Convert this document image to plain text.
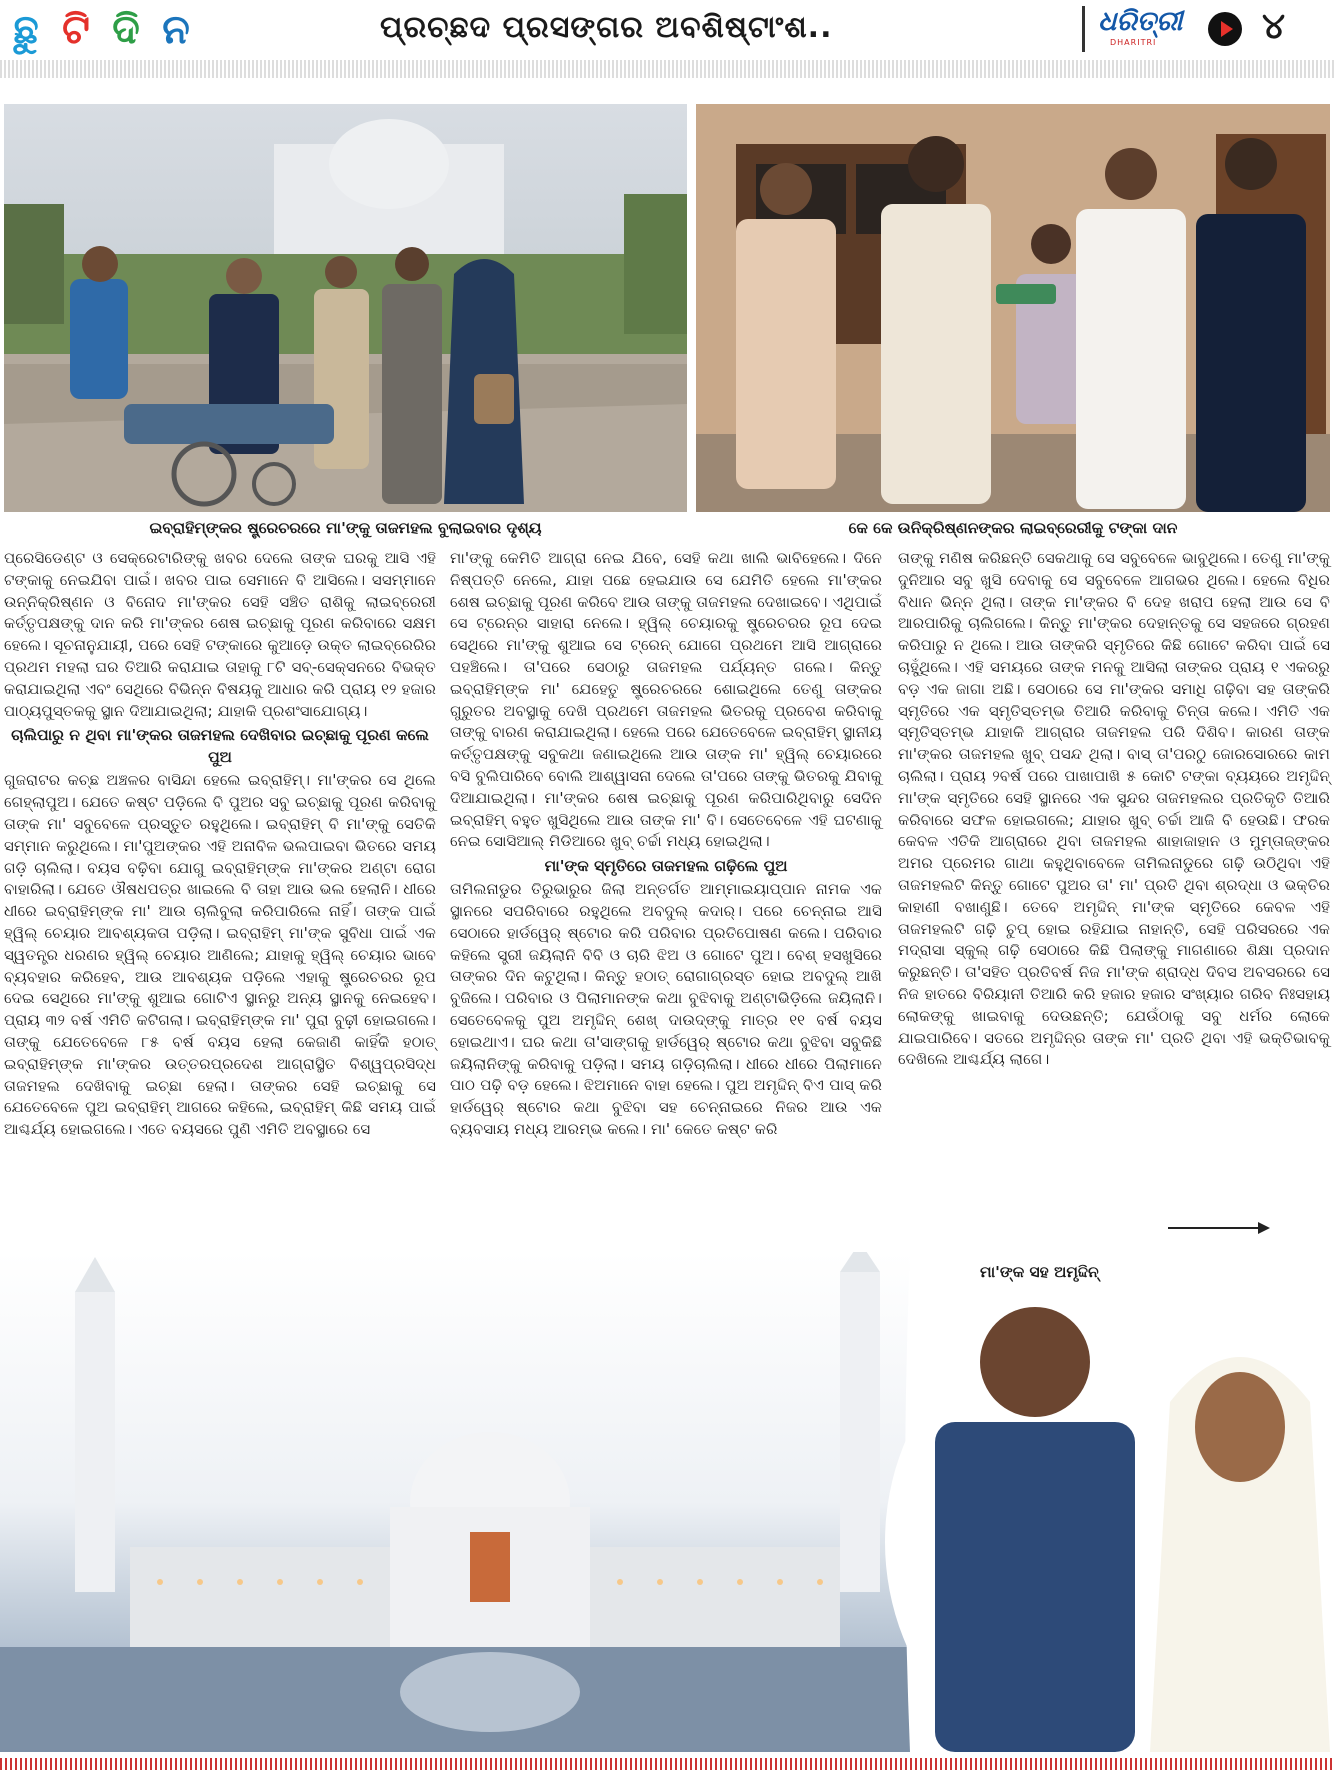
ଛୁ ଟି ଦି ନ	ପ୍ରଚ୍ଛଦ ପ୍ରସଙ୍ଗର ଅବଶିଷ୍ଟାଂଶ..	ଧରିତ୍ରୀ
DHARITRI	୪
ଇବ୍ରାହିମ୍‌ଙ୍କର ଷ୍ଟ୍ରେଚରରେ ମା'ଙ୍କୁ ତାଜମହଲ ବୁଲାଇବାର ଦୃଶ୍ୟ	କେ କେ ଉନିକ୍ରିଷ୍ଣନଙ୍କର ଲାଇବ୍ରେରୀକୁ ଟଙ୍କା ଦାନ

ପ୍ରେସିଡେଣ୍ଟ ଓ ସେକ୍ରେଟାରିଙ୍କୁ ଖବର ଦେଲେ ତାଙ୍କ ଘରକୁ ଆସି ଏହି ଟଙ୍କାକୁ ନେଇଯିବା ପାଇଁ। ଖବର ପାଇ ସେମାନେ ବି ଆସିଲେ। ସସମ୍ମାନେ ଉନ୍ନିକ୍ରିଷ୍ଣନ ଓ ବିନୋଦ ମା'ଙ୍କର ସେହି ସଞ୍ଚିତ ରାଶିକୁ ଲାଇବ୍ରେରୀ କର୍ତ୍ତୃପକ୍ଷଙ୍କୁ ଦାନ କରି ମା'ଙ୍କର ଶେଷ ଇଚ୍ଛାକୁ ପୂରଣ କରିବାରେ ସକ୍ଷମ ହେଲେ। ସୂଚନାନୁଯାୟୀ, ପରେ ସେହି ଟଙ୍କାରେ କୁଆଡ଼େ ଉକ୍ତ ଲାଇବ୍ରେରିର ପ୍ରଥମ ମହଲା ଘର ତିଆରି କରାଯାଇ ତାହାକୁ ୮ଟି ସବ୍‌-ସେକ୍ସନରେ ବିଭକ୍ତ କରାଯାଇଥିଲା ଏବଂ ସେଥିରେ ବିଭିନ୍ନ ବିଷୟକୁ ଆଧାର କରି ପ୍ରାୟ ୧୨ ହଜାର ପାଠ୍ୟପୁସ୍ତକକୁ ସ୍ଥାନ ଦିଆଯାଇଥିଲା; ଯାହାକି ପ୍ରଶଂସାଯୋଗ୍ୟ।

ଚାଲିପାରୁ ନ ଥିବା ମା'ଙ୍କର ତାଜମହଲ ଦେଖିବାର ଇଚ୍ଛାକୁ ପୂରଣ କଲେ ପୁଅ

ଗୁଜରାଟର କଚ୍ଛ ଅଞ୍ଚଳର ବାସିନ୍ଦା ହେଲେ ଇବ୍ରାହିମ୍‌। ମା'ଙ୍କର ସେ ଥିଲେ ଗେହ୍ଲାପୁଅ। ଯେତେ କଷ୍ଟ ପଡ଼ିଲେ ବି ପୁଅର ସବୁ ଇଚ୍ଛାକୁ ପୂରଣ କରିବାକୁ ତାଙ୍କ ମା' ସବୁବେଳେ ପ୍ରସ୍ତୁତ ରହୁଥିଲେ। ଇବ୍ରାହିମ୍‌ ବି ମା'ଙ୍କୁ ସେତିକି ସମ୍ମାନ କରୁଥିଲେ। ମା'ପୁଅଙ୍କର ଏହି ଅନାବିଳ ଭଲପାଇବା ଭିତରେ ସମୟ ଗଡ଼ି ଚାଲିଲା। ବୟସ ବଢ଼ିବା ଯୋଗୁ ଇବ୍ରାହିମ୍‌ଙ୍କ ମା'ଙ୍କର ଅଣ୍ଟା ରୋଗ ବାହାରିଲା। ଯେତେ ଔଷଧପତ୍ର ଖାଇଲେ ବି ତାହା ଆଉ ଭଲ ହେଲାନି। ଧୀରେ ଧୀରେ ଇବ୍ରାହିମ୍‌ଙ୍କ ମା' ଆଉ ଚାଲିବୁଲା କରିପାରିଲେ ନାହିଁ। ତାଙ୍କ ପାଇଁ ହ୍ୱିଲ୍‌ ଚେୟାର ଆବଶ୍ୟକତା ପଡ଼ିଲା। ଇବ୍ରାହିମ୍‌ ମା'ଙ୍କ ସୁବିଧା ପାଇଁ ଏକ ସ୍ୱତନ୍ତ୍ର ଧରଣର ହ୍ୱିଲ୍‌ ଚେୟାର ଆଣିଲେ; ଯାହାକୁ ହ୍ୱିଲ୍‌ ଚେୟାର ଭାବେ ବ୍ୟବହାର କରିହେବ, ଆଉ ଆବଶ୍ୟକ ପଡ଼ିଲେ ଏହାକୁ ଷ୍ଟ୍ରେଚରର ରୂପ ଦେଇ ସେଥିରେ ମା'ଙ୍କୁ ଶୁଆଇ ଗୋଟିଏ ସ୍ଥାନରୁ ଅନ୍ୟ ସ୍ଥାନକୁ ନେଇହେବ। ପ୍ରାୟ ୩୨ ବର୍ଷ ଏମିତି କଟିଗଲା। ଇବ୍ରାହିମ୍‌ଙ୍କ ମା' ପୁରା ବୁଢ଼ୀ ହୋଇଗଲେ। ତାଙ୍କୁ ଯେତେବେଳେ ୮୫ ବର୍ଷ ବୟସ ହେଲା କେଜାଣି କାହିଁକି ହଠାତ୍‌ ଇବ୍ରାହିମ୍‌ଙ୍କ ମା'ଙ୍କର ଉତ୍ତରପ୍ରଦେଶ ଆଗ୍ରାସ୍ଥିତ ବିଶ୍ୱପ୍ରସିଦ୍ଧ ତାଜମହଲ ଦେଖିବାକୁ ଇଚ୍ଛା ହେଲା। ତାଙ୍କର ସେହି ଇଚ୍ଛାକୁ ସେ ଯେତେବେଳେ ପୁଅ ଇବ୍ରାହିମ୍‌ ଆଗରେ କହିଲେ, ଇବ୍ରାହିମ୍‌ କିଛି ସମୟ ପାଇଁ ଆଶ୍ଚର୍ଯ୍ୟ ହୋଇଗଲେ। ଏତେ ବୟସରେ ପୁଣି ଏମିତି ଅବସ୍ଥାରେ ସେ

ମା'ଙ୍କୁ କେମିତି ଆଗ୍ରା ନେଇ ଯିବେ, ସେହି କଥା ଖାଲି ଭାବିହେଲେ। ଦିନେ ନିଷ୍ପତ୍ତି ନେଲେ, ଯାହା ପଛେ ହେଇଯାଉ ସେ ଯେମିତି ହେଲେ ମା'ଙ୍କର ଶେଷ ଇଚ୍ଛାକୁ ପୂରଣ କରିବେ ଆଉ ତାଙ୍କୁ ତାଜମହଲ ଦେଖାଇବେ। ଏଥିପାଇଁ ସେ ଟ୍ରେନ୍‌ର ସାହାରା ନେଲେ। ହ୍ୱିଲ୍‌ ଚେୟାରକୁ ଷ୍ଟ୍ରେଚରର ରୂପ ଦେଇ ସେଥିରେ ମା'ଙ୍କୁ ଶୁଆଇ ସେ ଟ୍ରେନ୍‌ ଯୋଗେ ପ୍ରଥମେ ଆସି ଆଗ୍ରାରେ ପହଞ୍ଚିଲେ। ତା'ପରେ ସେଠାରୁ ତାଜମହଲ ପର୍ଯ୍ୟନ୍ତ ଗଲେ। କିନ୍ତୁ ଇବ୍ରାହିମ୍‌ଙ୍କ ମା' ଯେହେତୁ ଷ୍ଟ୍ରେଚରରେ ଶୋଇଥିଲେ ତେଣୁ ତାଙ୍କର ଗୁରୁତର ଅବସ୍ଥାକୁ ଦେଖି ପ୍ରଥମେ ତାଜମହଲ ଭିତରକୁ ପ୍ରବେଶ କରିବାକୁ ତାଙ୍କୁ ବାରଣ କରାଯାଇଥିଲା। ହେଲେ ପରେ ଯେତେବେଳେ ଇବ୍ରାହିମ୍‌ ସ୍ଥାନୀୟ କର୍ତ୍ତୃପକ୍ଷଙ୍କୁ ସବୁକଥା ଜଣାଇଥିଲେ ଆଉ ତାଙ୍କ ମା' ହ୍ୱିଲ୍‌ ଚେୟାରରେ ବସି ବୁଲିପାରିବେ ବୋଲି ଆଶ୍ୱାସନା ଦେଲେ ତା'ପରେ ତାଙ୍କୁ ଭିତରକୁ ଯିବାକୁ ଦିଆଯାଇଥିଲା। ମା'ଙ୍କର ଶେଷ ଇଚ୍ଛାକୁ ପୂରଣ କରିପାରିଥିବାରୁ ସେଦିନ ଇବ୍ରାହିମ୍‌ ବହୁତ ଖୁସିଥିଲେ ଆଉ ତାଙ୍କ ମା' ବି। ସେତେବେଳେ ଏହି ଘଟଣାକୁ ନେଇ ସୋସିଆଲ୍‌ ମିଡିଆରେ ଖୁବ୍‌ ଚର୍ଚ୍ଚା ମଧ୍ୟ ହୋଇଥିଲା।

ମା'ଙ୍କ ସ୍ମୃତିରେ ତାଜମହଲ ଗଢ଼ିଲେ ପୁଅ

ତାମିଲନାଡୁର ତିରୁଭାରୁର ଜିଲା ଅନ୍ତର୍ଗତ ଆମ୍ମାଇୟାପ୍ପାନ ନାମକ ଏକ ସ୍ଥାନରେ ସପରିବାରେ ରହୁଥିଲେ ଅବଦୁଲ୍‌ କଦାର୍‌। ପରେ ଚେନ୍ନାଇ ଆସି ସେଠାରେ ହାର୍ଡୱେର୍‌ ଷ୍ଟୋର କରି ପରିବାର ପ୍ରତିପୋଷଣ କଲେ। ପରିବାର କହିଲେ ସ୍ତ୍ରୀ ଜୟିଲାନି ବିବି ଓ ଚାରି ଝିଅ ଓ ଗୋଟେ ପୁଅ। ବେଶ୍‌ ହସଖୁସିରେ ତାଙ୍କର ଦିନ କଟୁଥିଲା। କିନ୍ତୁ ହଠାତ୍‌ ରୋଗାଗ୍ରସ୍ତ ହୋଇ ଅବଦୁଲ୍‌ ଆଖି ବୁଜିଲେ। ପରିବାର ଓ ପିଲାମାନଙ୍କ କଥା ବୁଝିବାକୁ ଅଣ୍ଟାଭିଡ଼ିଲେ ଜୟିଲାନି। ସେତେବେଳକୁ ପୁଅ ଅମୃଦ୍ଦିନ୍‌ ଶେଖ୍‌ ଦାଉଦ୍‌ଙ୍କୁ ମାତ୍ର ୧୧ ବର୍ଷ ବୟସ ହୋଇଥାଏ। ଘର କଥା ତା'ସାଙ୍ଗକୁ ହାର୍ଡୱେର୍‌ ଷ୍ଟୋର କଥା ବୁଝିବା ସବୁକିଛି ଜୟିଲାନିଙ୍କୁ କରିବାକୁ ପଡ଼ିଲା। ସମୟ ଗଡ଼ିଚାଲିଲା। ଧୀରେ ଧୀରେ ପିଲାମାନେ ପାଠ ପଢ଼ି ବଡ଼ ହେଲେ। ଝିଅମାନେ ବାହା ହେଲେ। ପୁଅ ଅମୃଦ୍ଦିନ୍‌ ବିଏ ପାସ୍‌ କରି ହାର୍ଡୱେର୍‌ ଷ୍ଟୋର କଥା ବୁଝିବା ସହ ଚେନ୍ନାଇରେ ନିଜର ଆଉ ଏକ ବ୍ୟବସାୟ ମଧ୍ୟ ଆରମ୍ଭ କଲେ। ମା' କେତେ କଷ୍ଟ କରି

ତାଙ୍କୁ ମଣିଷ କରିଛନ୍ତି ସେକଥାକୁ ସେ ସବୁବେଳେ ଭାବୁଥିଲେ। ତେଣୁ ମା'ଙ୍କୁ ଦୁନିଆର ସବୁ ଖୁସି ଦେବାକୁ ସେ ସବୁବେଳେ ଆଗଭର ଥିଲେ। ହେଲେ ବିଧିର ବିଧାନ ଭିନ୍ନ ଥିଲା। ତାଙ୍କ ମା'ଙ୍କର ବି ଦେହ ଖରାପ ହେଲା ଆଉ ସେ ବି ଆରପାରିକୁ ଚାଲିଗଲେ। କିନ୍ତୁ ମା'ଙ୍କର ଦେହାନ୍ତକୁ ସେ ସହଜରେ ଗ୍ରହଣ କରିପାରୁ ନ ଥିଲେ। ଆଉ ତାଙ୍କରି ସ୍ମୃତିରେ କିଛି ଗୋଟେ କରିବା ପାଇଁ ସେ ଚାହୁଁଥିଲେ। ଏହି ସମୟରେ ତାଙ୍କ ମନକୁ ଆସିଲା ତାଙ୍କର ପ୍ରାୟ ୧ ଏକରରୁ ବଡ଼ ଏକ ଜାଗା ଅଛି। ସେଠାରେ ସେ ମା'ଙ୍କର ସମାଧି ଗଢ଼ିବା ସହ ତାଙ୍କରି ସ୍ମୃତିରେ ଏକ ସ୍ମୃତିସ୍ତମ୍ଭ ତିଆରି କରିବାକୁ ଚିନ୍ତା କଲେ। ଏମିତି ଏକ ସ୍ମୃତିସ୍ତମ୍ଭ ଯାହାକି ଆଗ୍ରାର ତାଜମହଲ ପରି ଦିଶିବ। କାରଣ ତାଙ୍କ ମା'ଙ୍କର ତାଜମହଲ ଖୁବ୍‌ ପସନ୍ଦ ଥିଲା। ବାସ୍‌ ତା'ପରଠୁ ଜୋରସୋରରେ କାମ ଚାଲିଲା। ପ୍ରାୟ ୨ବର୍ଷ ପରେ ପାଖାପାଖି ୫ କୋଟି ଟଙ୍କା ବ୍ୟୟରେ ଅମୃଦ୍ଦିନ୍‌ ମା'ଙ୍କ ସ୍ମୃତିରେ ସେହି ସ୍ଥାନରେ ଏକ ସୁନ୍ଦର ତାଜମହଲର ପ୍ରତିକୃତି ତିଆରି କରିବାରେ ସଫଳ ହୋଇଗଲେ; ଯାହାର ଖୁବ୍‌ ଚର୍ଚ୍ଚା ଆଜି ବି ହେଉଛି। ଫରକ କେବଳ ଏତିକି ଆଗ୍ରାରେ ଥିବା ତାଜମହଲ ଶାହାଜାହାନ ଓ ମୁମ୍‌ତାଜ୍‌ଙ୍କର ଅମର ପ୍ରେମର ଗାଥା କହୁଥିବାବେଳେ ତାମିଲନାଡୁରେ ଗଢ଼ି ଉଠିଥିବା ଏହି ତାଜମହଲଟି କିନ୍ତୁ ଗୋଟେ ପୁଅର ତା' ମା' ପ୍ରତି ଥିବା ଶ୍ରଦ୍ଧା ଓ ଭକ୍ତିର କାହାଣୀ ବଖାଣୁଛି। ତେବେ ଅମୃଦ୍ଦିନ୍‌ ମା'ଙ୍କ ସ୍ମୃତିରେ କେବଳ ଏହି ତାଜମହଲଟି ଗଢ଼ି ଚୁପ୍‌ ହୋଇ ରହିଯାଇ ନାହାନ୍ତି, ସେହି ପରିସରରେ ଏକ ମଦ୍ରାସା ସ୍କୁଲ୍‌ ଗଢ଼ି ସେଠାରେ କିଛି ପିଲାଙ୍କୁ ମାଗଣାରେ ଶିକ୍ଷା ପ୍ରଦାନ କରୁଛନ୍ତି। ତା'ସହିତ ପ୍ରତିବର୍ଷ ନିଜ ମା'ଙ୍କ ଶ୍ରାଦ୍ଧ ଦିବସ ଅବସରରେ ସେ ନିଜ ହାତରେ ବିରିୟାନୀ ତିଆରି କରି ହଜାର ହଜାର ସଂଖ୍ୟାର ଗରିବ ନିଃସହାୟ ଲୋକଙ୍କୁ ଖାଇବାକୁ ଦେଉଛନ୍ତି; ଯେଉଁଠାକୁ ସବୁ ଧର୍ମର ଲୋକେ ଯାଇପାରିବେ। ସତରେ ଅମୃଦ୍ଦିନ୍‌ର ତାଙ୍କ ମା' ପ୍ରତି ଥିବା ଏହି ଭକ୍ତିଭାବକୁ ଦେଖିଲେ ଆଶ୍ଚର୍ଯ୍ୟ ଲାଗେ।

ମା'ଙ୍କ ସହ ଅମୃଦ୍ଦିନ୍
